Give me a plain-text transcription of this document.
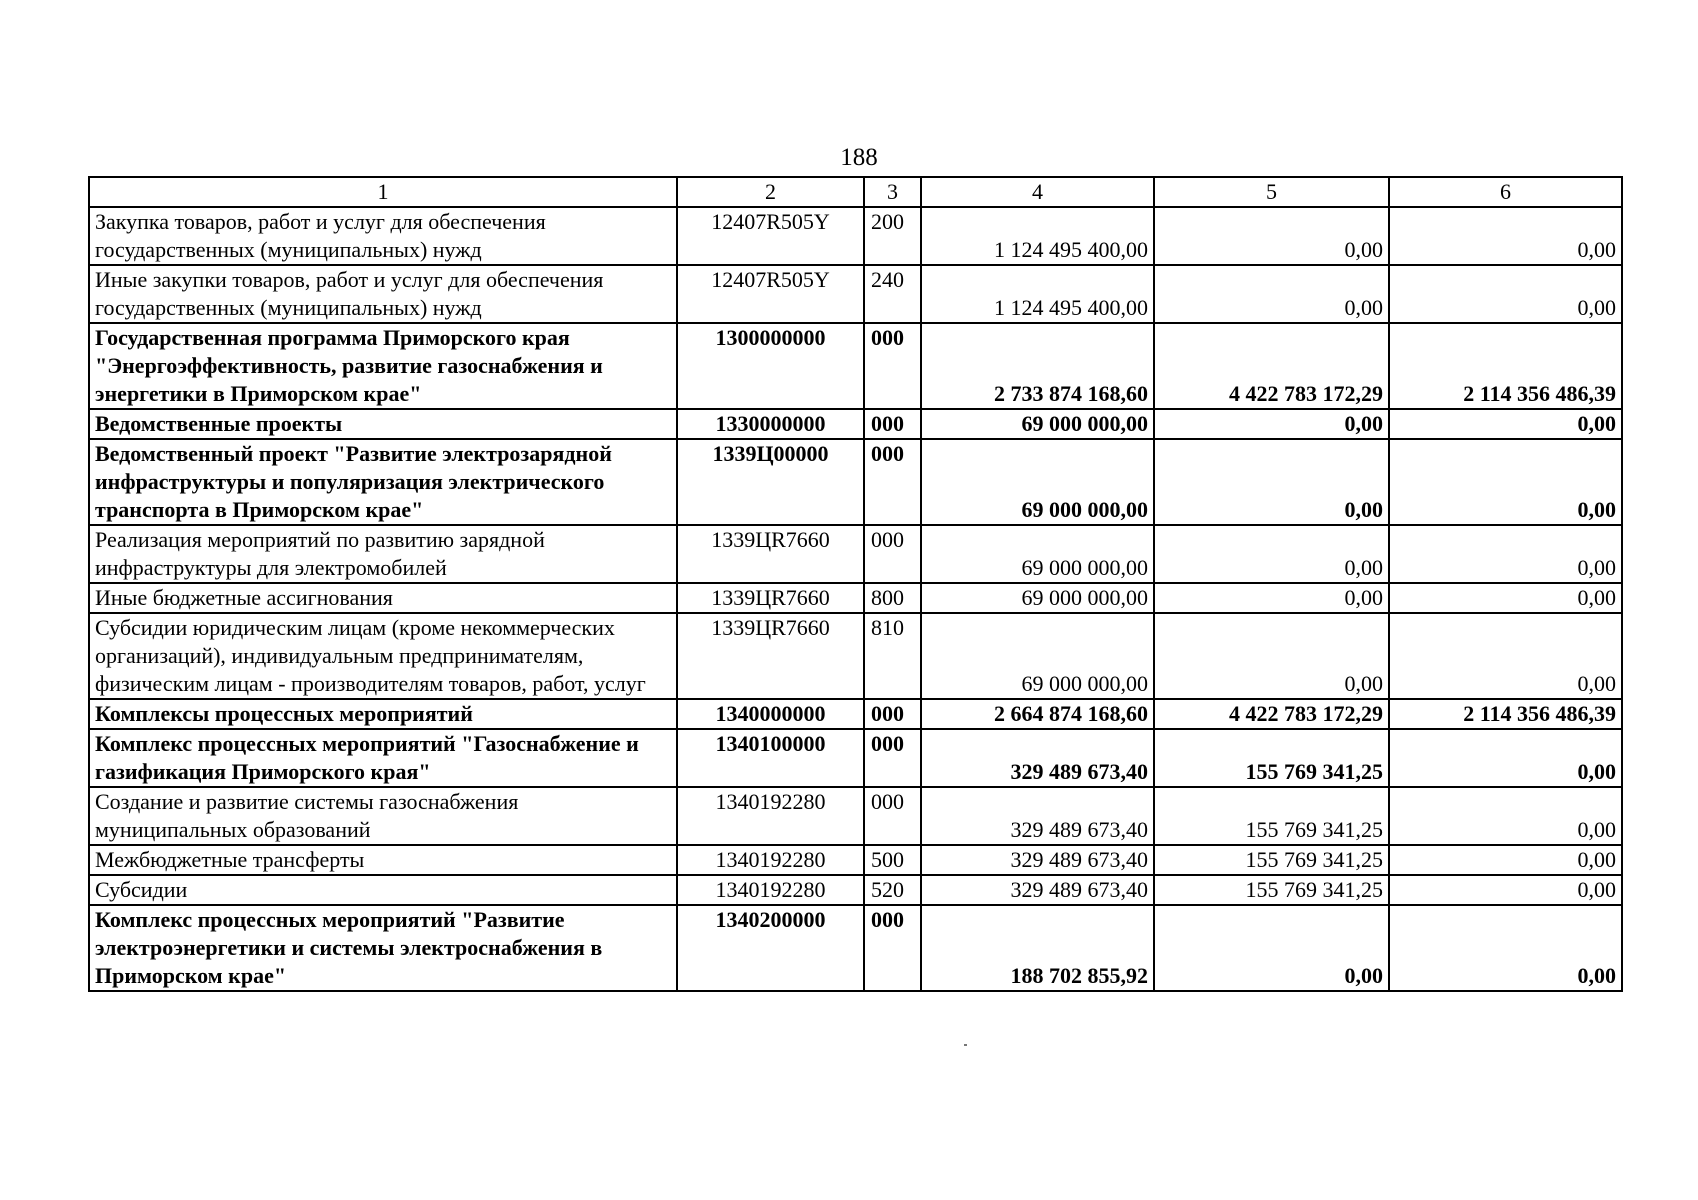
188
1	2	3	4	5	6
Закупка товаров, работ и услуг для обеспечения государственных (муниципальных) нужд	12407R505Y	200	1 124 495 400,00	0,00	0,00
Иные закупки товаров, работ и услуг для обеспечения государственных (муниципальных) нужд	12407R505Y	240	1 124 495 400,00	0,00	0,00
Государственная программа Приморского края "Энергоэффективность, развитие газоснабжения и энергетики в Приморском крае"	1300000000	000	2 733 874 168,60	4 422 783 172,29	2 114 356 486,39
Ведомственные проекты	1330000000	000	69 000 000,00	0,00	0,00
Ведомственный проект "Развитие электрозарядной инфраструктуры и популяризация электрического транспорта в Приморском крае"	1339Ц00000	000	69 000 000,00	0,00	0,00
Реализация мероприятий по развитию зарядной инфраструктуры для электромобилей	1339ЦR7660	000	69 000 000,00	0,00	0,00
Иные бюджетные ассигнования	1339ЦR7660	800	69 000 000,00	0,00	0,00
Субсидии юридическим лицам (кроме некоммерческих организаций), индивидуальным предпринимателям, физическим лицам - производителям товаров, работ, услуг	1339ЦR7660	810	69 000 000,00	0,00	0,00
Комплексы процессных мероприятий	1340000000	000	2 664 874 168,60	4 422 783 172,29	2 114 356 486,39
Комплекс процессных мероприятий "Газоснабжение и газификация Приморского края"	1340100000	000	329 489 673,40	155 769 341,25	0,00
Создание и развитие системы газоснабжения муниципальных образований	1340192280	000	329 489 673,40	155 769 341,25	0,00
Межбюджетные трансферты	1340192280	500	329 489 673,40	155 769 341,25	0,00
Субсидии	1340192280	520	329 489 673,40	155 769 341,25	0,00
Комплекс процессных мероприятий "Развитие электроэнергетики и системы электроснабжения в Приморском крае"	1340200000	000	188 702 855,92	0,00	0,00
